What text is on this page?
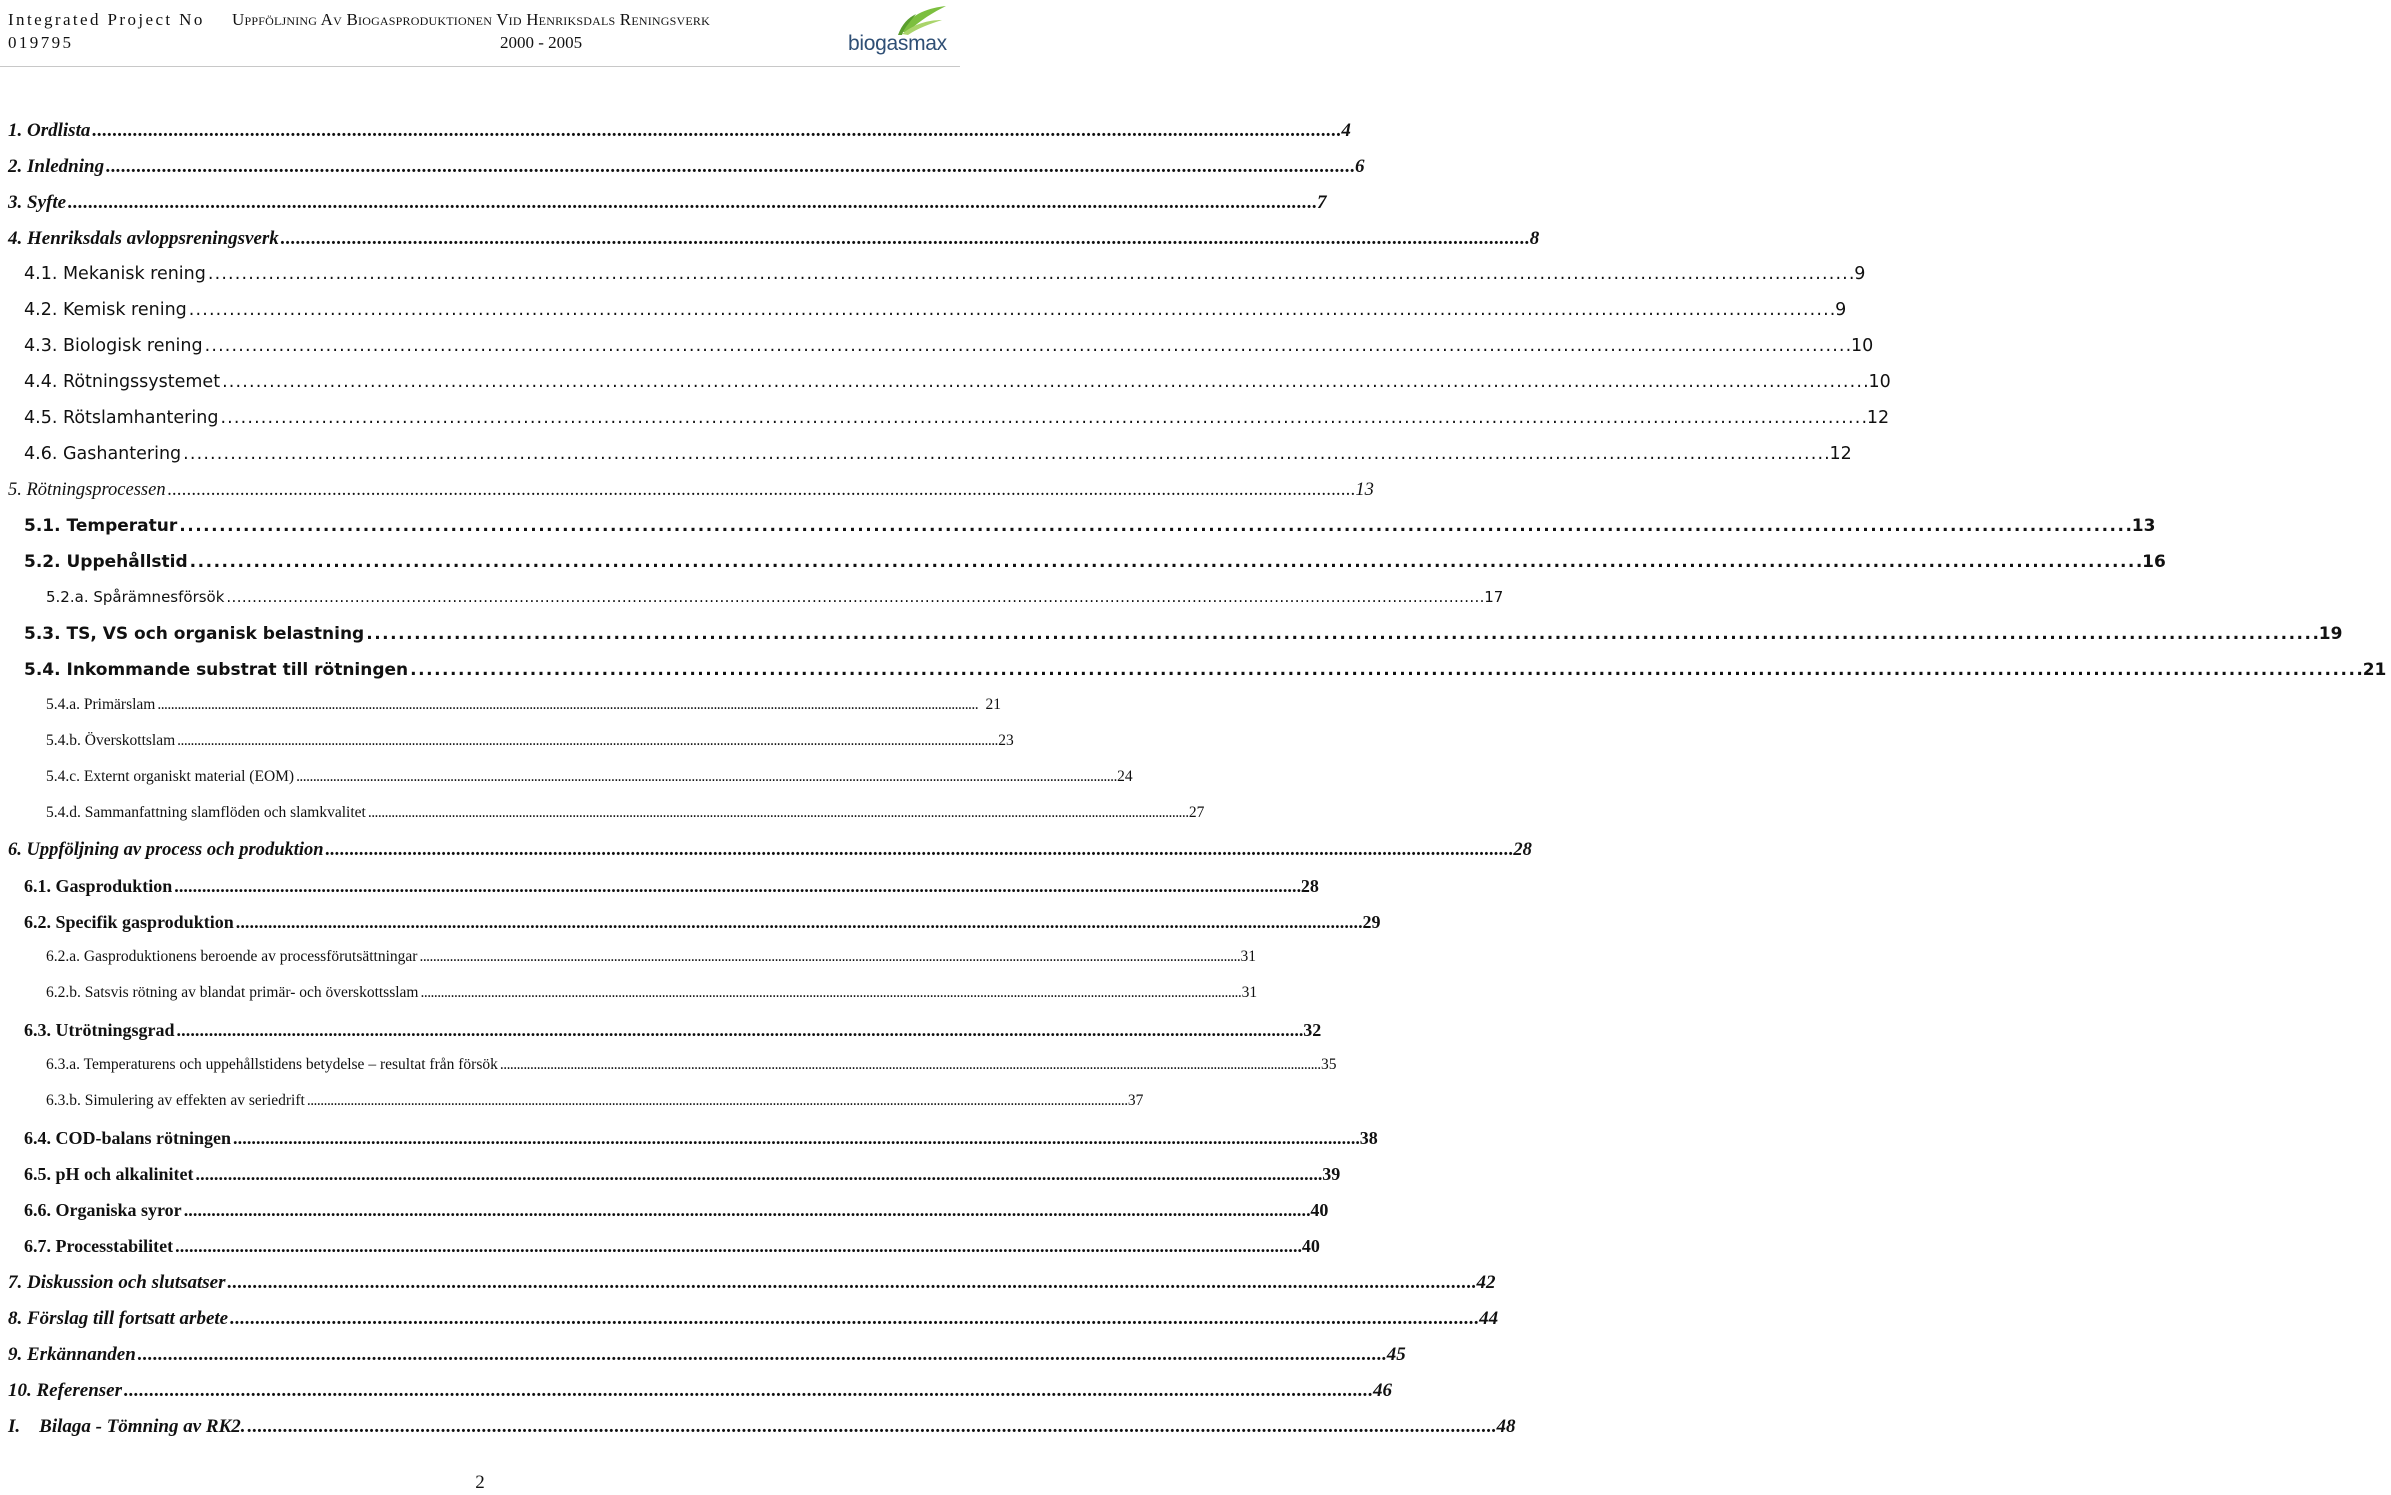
Integrated Project No
019795
Uppföljning Av Biogasproduktionen Vid Henriksdals Reningsverk
2000 - 2005	biogasmax
1. Ordlista . . .	4
2. Inledning . . .	6
3. Syfte . . .	7
4. Henriksdals avloppsreningsverk . . .	8
4.1. Mekanisk rening . . .	9
4.2. Kemisk rening . . .	9
4.3. Biologisk rening . . .	10
4.4. Rötningssystemet . . .	10
4.5. Rötslamhantering . . .	12
4.6. Gashantering . . .	12
5. Rötningsprocessen . . .	13
5.1. Temperatur . . .	13
5.2. Uppehållstid . . .	16
5.2.a. Spårämnesförsök . . .	17
5.3. TS, VS och organisk belastning . . .	19
5.4. Inkommande substrat till rötningen . . .	21
5.4.a. Primärslam . . .	21
5.4.b. Överskottslam . . .	23
5.4.c. Externt organiskt material (EOM) . . .	24
5.4.d. Sammanfattning slamflöden och slamkvalitet . . .	27
6. Uppföljning av process och produktion . . .	28
6.1. Gasproduktion . . .	28
6.2. Specifik gasproduktion . . .	29
6.2.a. Gasproduktionens beroende av processförutsättningar . . .	31
6.2.b. Satsvis rötning av blandat primär- och överskottsslam . . .	31
6.3. Utrötningsgrad . . .	32
6.3.a. Temperaturens och uppehållstidens betydelse – resultat från försök . . .	35
6.3.b. Simulering av effekten av seriedrift . . .	37
6.4. COD-balans rötningen . . .	38
6.5. pH och alkalinitet . . .	39
6.6. Organiska syror . . .	40
6.7. Processtabilitet . . .	40
7. Diskussion och slutsatser . . .	42
8. Förslag till fortsatt arbete . . .	44
9. Erkännanden . . .	45
10. Referenser . . .	46
I.    Bilaga - Tömning av RK2. . . .	48
2
